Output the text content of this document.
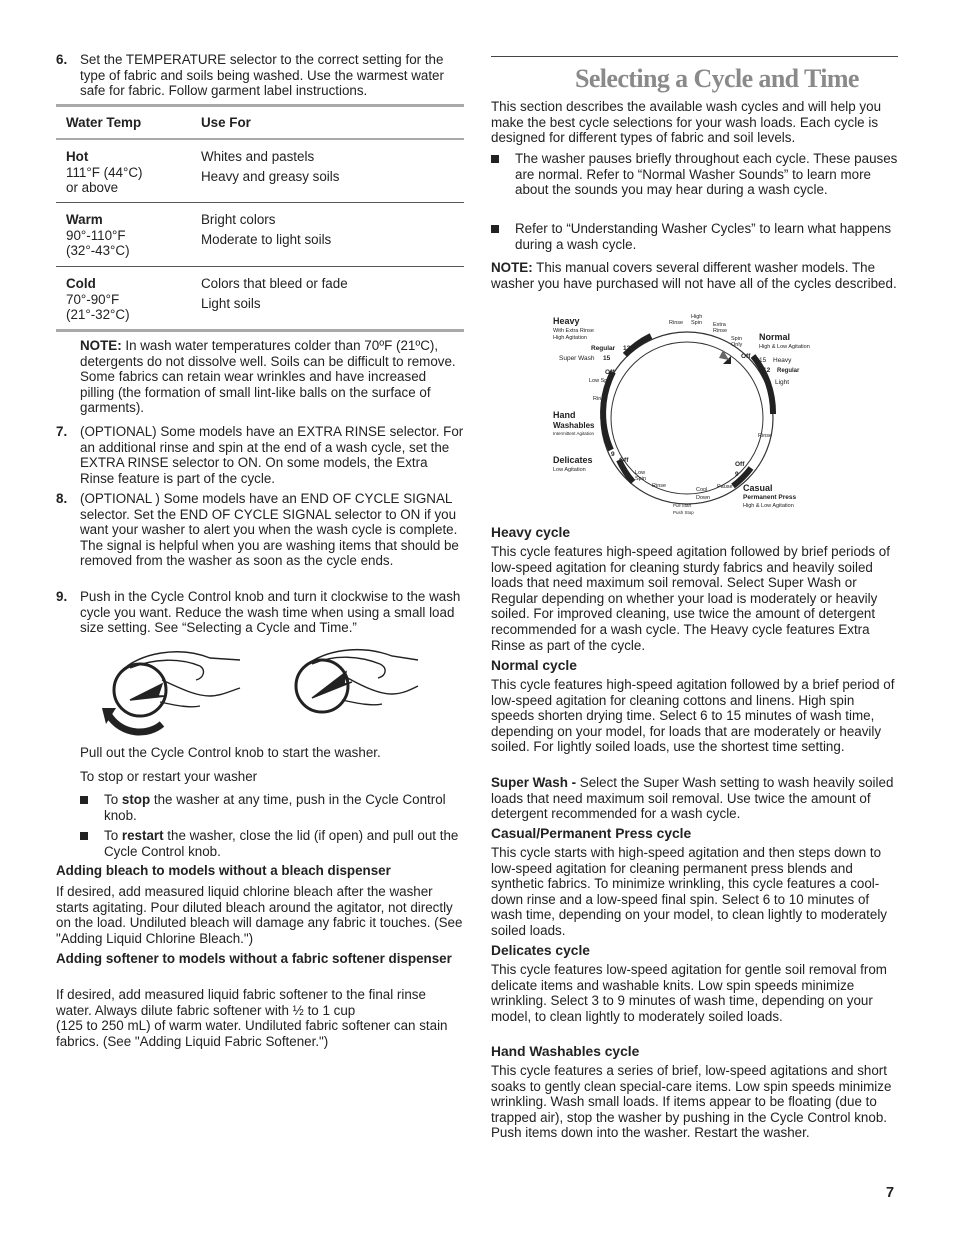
6. Set the TEMPERATURE selector to the correct setting for the type of fabric and soils being washed. Use the warmest water safe for fabric. Follow garment label instructions.

Water Temp	Use For
Hot
111°F (44°C)
or above

Whites and pastels

Heavy and greasy soils

Warm
90°-110°F
(32°-43°C)

Bright colors

Moderate to light soils

Cold
70°-90°F
(21°-32°C)

Colors that bleed or fade

Light soils

NOTE: In wash water temperatures colder than 70ºF (21ºC), detergents do not dissolve well. Soils can be difficult to remove. Some fabrics can retain wear wrinkles and have increased pilling (the formation of small lint-like balls on the surface of garments).

7. (OPTIONAL) Some models have an EXTRA RINSE selector. For an additional rinse and spin at the end of a wash cycle, set the EXTRA RINSE selector to ON. On some models, the Extra Rinse feature is part of the cycle.

8. (OPTIONAL ) Some models have an END OF CYCLE SIGNAL selector. Set the END OF CYCLE SIGNAL selector to ON if you want your washer to alert you when the wash cycle is complete. The signal is helpful when you are washing items that should be removed from the washer as soon as the cycle ends.

9. Push in the Cycle Control knob and turn it clockwise to the wash cycle you want. Reduce the wash time when using a small load size setting. See “Selecting a Cycle and Time.”

Pull out the Cycle Control knob to start the washer.

To stop or restart your washer

To stop the washer at any time, push in the Cycle Control knob.

To restart the washer, close the lid (if open) and pull out the Cycle Control knob.

Adding bleach to models without a bleach dispenser

If desired, add measured liquid chlorine bleach after the washer starts agitating. Pour diluted bleach around the agitator, not directly on the load. Undiluted bleach will damage any fabric it touches. (See "Adding Liquid Chlorine Bleach.")

Adding softener to models without a fabric softener dispenser

If desired, add measured liquid fabric softener to the final rinse water. Always dilute fabric softener with ½ to 1 cup
(125 to 250 mL) of warm water. Undiluted fabric softener can stain fabrics. (See "Adding Liquid Fabric Softener.")

Selecting a Cycle and Time

This section describes the available wash cycles and will help you make the best cycle selections for your wash loads. Each cycle is designed for different types of fabric and soil levels.

The washer pauses briefly throughout each cycle. These pauses are normal. Refer to “Normal Washer Sounds” to learn more about the sounds you may hear during a wash cycle.

Refer to “Understanding Washer Cycles” to learn what happens during a wash cycle.

NOTE: This manual covers several different washer models. The washer you have purchased will not have all of the cycles described.

Heavy
With Extra Rinse
High Agitation
Regular 12
Super Wash 15
Off
Low Spin
Rinse
Hand
Washables
Intermittent Agitation
6
9
Off
Delicates
Low Agitation	Low
Spin
Rinse
Pull Start
Push Stop
Cool
Down
Pause
9
Casual
Permanent Press
High & Low Agitation
Off
Rinse
9 Light
12 Regular
15 Heavy
Off
Spin
Only
Normal
High & Low Agitation
Extra
Rinse
High
Spin
Rinse

Heavy cycle

This cycle features high-speed agitation followed by brief periods of low-speed agitation for cleaning sturdy fabrics and heavily soiled loads that need maximum soil removal. Select Super Wash or Regular depending on whether your load is moderately or heavily soiled. For improved cleaning, use twice the amount of detergent recommended for a wash cycle. The Heavy cycle features Extra Rinse as part of the cycle.

Normal cycle

This cycle features high-speed agitation followed by a brief period of low-speed agitation for cleaning cottons and linens. High spin speeds shorten drying time. Select 6 to 15 minutes of wash time, depending on your model, for loads that are moderately or heavily soiled. For lightly soiled loads, use the shortest time setting.

Super Wash - Select the Super Wash setting to wash heavily soiled loads that need maximum soil removal. Use twice the amount of detergent recommended for a wash cycle.

Casual/Permanent Press cycle

This cycle starts with high-speed agitation and then steps down to low-speed agitation for cleaning permanent press blends and synthetic fabrics. To minimize wrinkling, this cycle features a cool-down rinse and a low-speed final spin. Select 6 to 10 minutes of wash time, depending on your model, to clean lightly to moderately soiled loads.

Delicates cycle

This cycle features low-speed agitation for gentle soil removal from delicate items and washable knits. Low spin speeds minimize wrinkling. Select 3 to 9 minutes of wash time, depending on your model, to clean lightly to moderately soiled loads.

Hand Washables cycle

This cycle features a series of brief, low-speed agitations and short soaks to gently clean special-care items. Low spin speeds minimize wrinkling. Wash small loads. If items appear to be floating (due to trapped air), stop the washer by pushing in the Cycle Control knob. Push items down into the washer. Restart the washer.

7
